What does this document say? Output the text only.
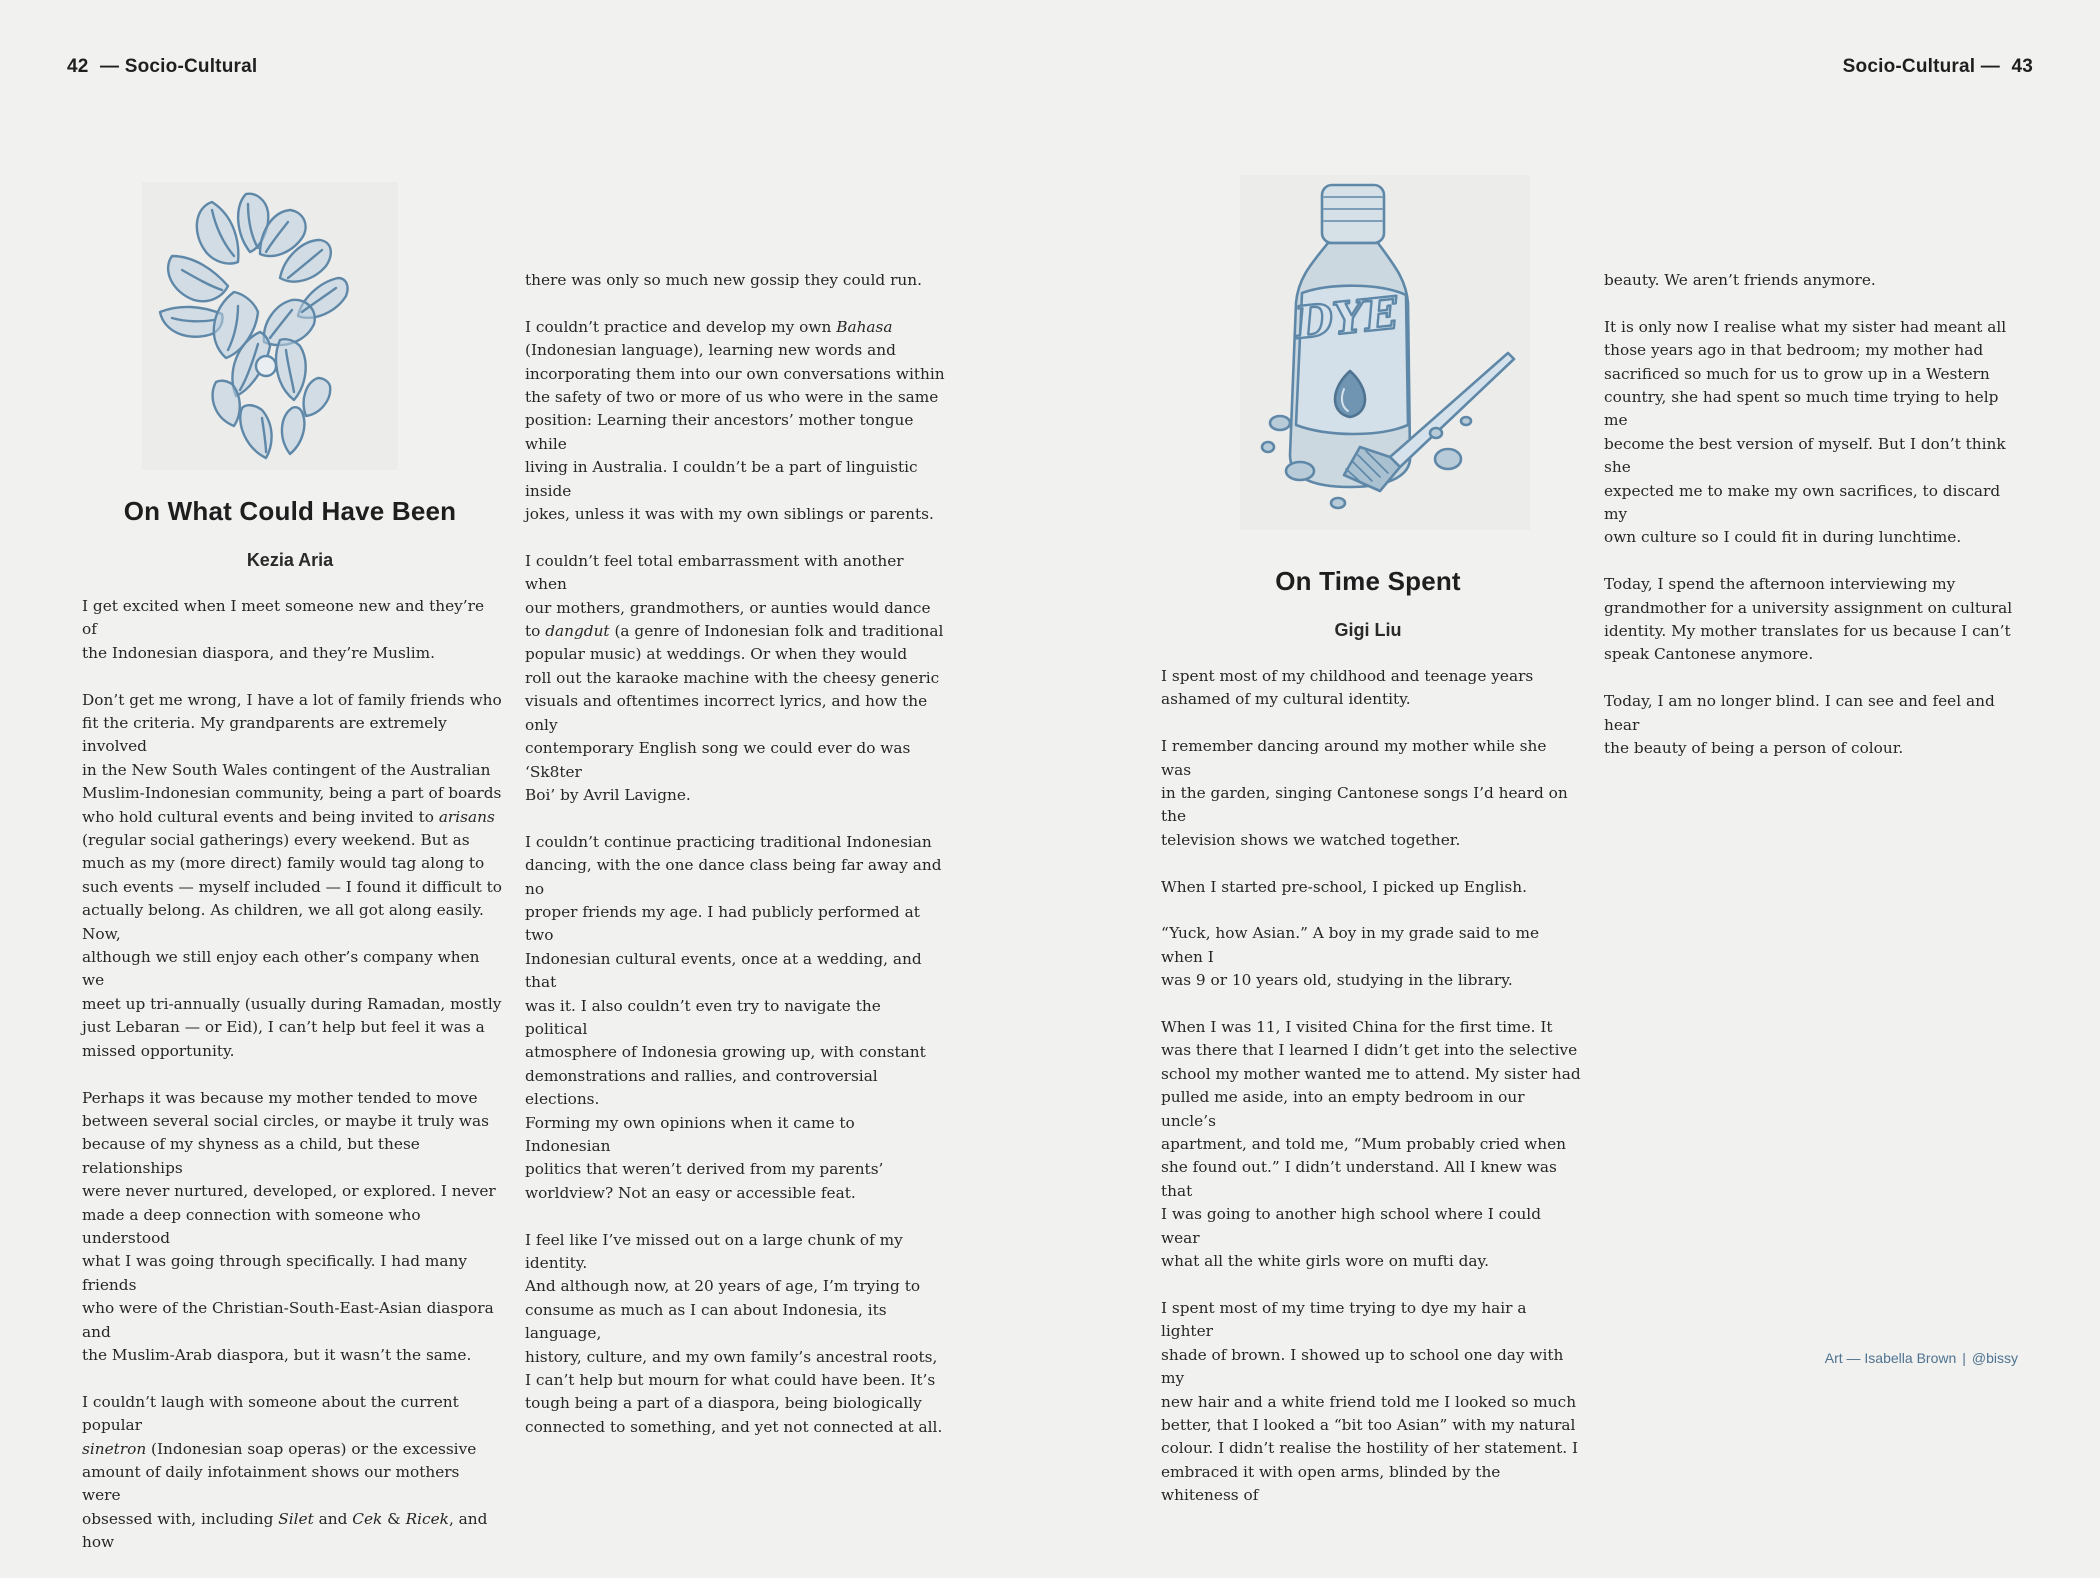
42 — Socio-Cultural	Socio-Cultural — 43
DYE
On What Could Have Been
Kezia Aria

I get excited when I meet someone new and they’re of
the Indonesian diaspora, and they’re Muslim.

Don’t get me wrong, I have a lot of family friends who
fit the criteria. My grandparents are extremely involved
in the New South Wales contingent of the Australian
Muslim-Indonesian community, being a part of boards
who hold cultural events and being invited to arisans
(regular social gatherings) every weekend. But as
much as my (more direct) family would tag along to
such events — myself included — I found it difficult to
actually belong. As children, we all got along easily. Now,
although we still enjoy each other’s company when we
meet up tri-annually (usually during Ramadan, mostly
just Lebaran — or Eid), I can’t help but feel it was a
missed opportunity.

Perhaps it was because my mother tended to move
between several social circles, or maybe it truly was
because of my shyness as a child, but these relationships
were never nurtured, developed, or explored. I never
made a deep connection with someone who understood
what I was going through specifically. I had many friends
who were of the Christian-South-East-Asian diaspora and
the Muslim-Arab diaspora, but it wasn’t the same.

I couldn’t laugh with someone about the current popular
sinetron (Indonesian soap operas) or the excessive
amount of daily infotainment shows our mothers were
obsessed with, including Silet and Cek & Ricek, and how

there was only so much new gossip they could run.

I couldn’t practice and develop my own Bahasa
(Indonesian language), learning new words and
incorporating them into our own conversations within
the safety of two or more of us who were in the same
position: Learning their ancestors’ mother tongue while
living in Australia. I couldn’t be a part of linguistic inside
jokes, unless it was with my own siblings or parents.

I couldn’t feel total embarrassment with another when
our mothers, grandmothers, or aunties would dance
to dangdut (a genre of Indonesian folk and traditional
popular music) at weddings. Or when they would
roll out the karaoke machine with the cheesy generic
visuals and oftentimes incorrect lyrics, and how the only
contemporary English song we could ever do was ‘Sk8ter
Boi’ by Avril Lavigne.

I couldn’t continue practicing traditional Indonesian
dancing, with the one dance class being far away and no
proper friends my age. I had publicly performed at two
Indonesian cultural events, once at a wedding, and that
was it. I also couldn’t even try to navigate the political
atmosphere of Indonesia growing up, with constant
demonstrations and rallies, and controversial elections.
Forming my own opinions when it came to Indonesian
politics that weren’t derived from my parents’
worldview? Not an easy or accessible feat.

I feel like I’ve missed out on a large chunk of my identity.
And although now, at 20 years of age, I’m trying to
consume as much as I can about Indonesia, its language,
history, culture, and my own family’s ancestral roots,
I can’t help but mourn for what could have been. It’s
tough being a part of a diaspora, being biologically
connected to something, and yet not connected at all.

On Time Spent
Gigi Liu

I spent most of my childhood and teenage years
ashamed of my cultural identity.

I remember dancing around my mother while she was
in the garden, singing Cantonese songs I’d heard on the
television shows we watched together.

When I started pre-school, I picked up English.

“Yuck, how Asian.” A boy in my grade said to me when I
was 9 or 10 years old, studying in the library.

When I was 11, I visited China for the first time. It
was there that I learned I didn’t get into the selective
school my mother wanted me to attend. My sister had
pulled me aside, into an empty bedroom in our uncle’s
apartment, and told me, “Mum probably cried when
she found out.” I didn’t understand. All I knew was that
I was going to another high school where I could wear
what all the white girls wore on mufti day.

I spent most of my time trying to dye my hair a lighter
shade of brown. I showed up to school one day with my
new hair and a white friend told me I looked so much
better, that I looked a “bit too Asian” with my natural
colour. I didn’t realise the hostility of her statement. I
embraced it with open arms, blinded by the whiteness of

beauty. We aren’t friends anymore.

It is only now I realise what my sister had meant all
those years ago in that bedroom; my mother had
sacrificed so much for us to grow up in a Western
country, she had spent so much time trying to help me
become the best version of myself. But I don’t think she
expected me to make my own sacrifices, to discard my
own culture so I could fit in during lunchtime.

Today, I spend the afternoon interviewing my
grandmother for a university assignment on cultural
identity. My mother translates for us because I can’t
speak Cantonese anymore.

Today, I am no longer blind. I can see and feel and hear
the beauty of being a person of colour.

Art — Isabella Brown | @bissy
